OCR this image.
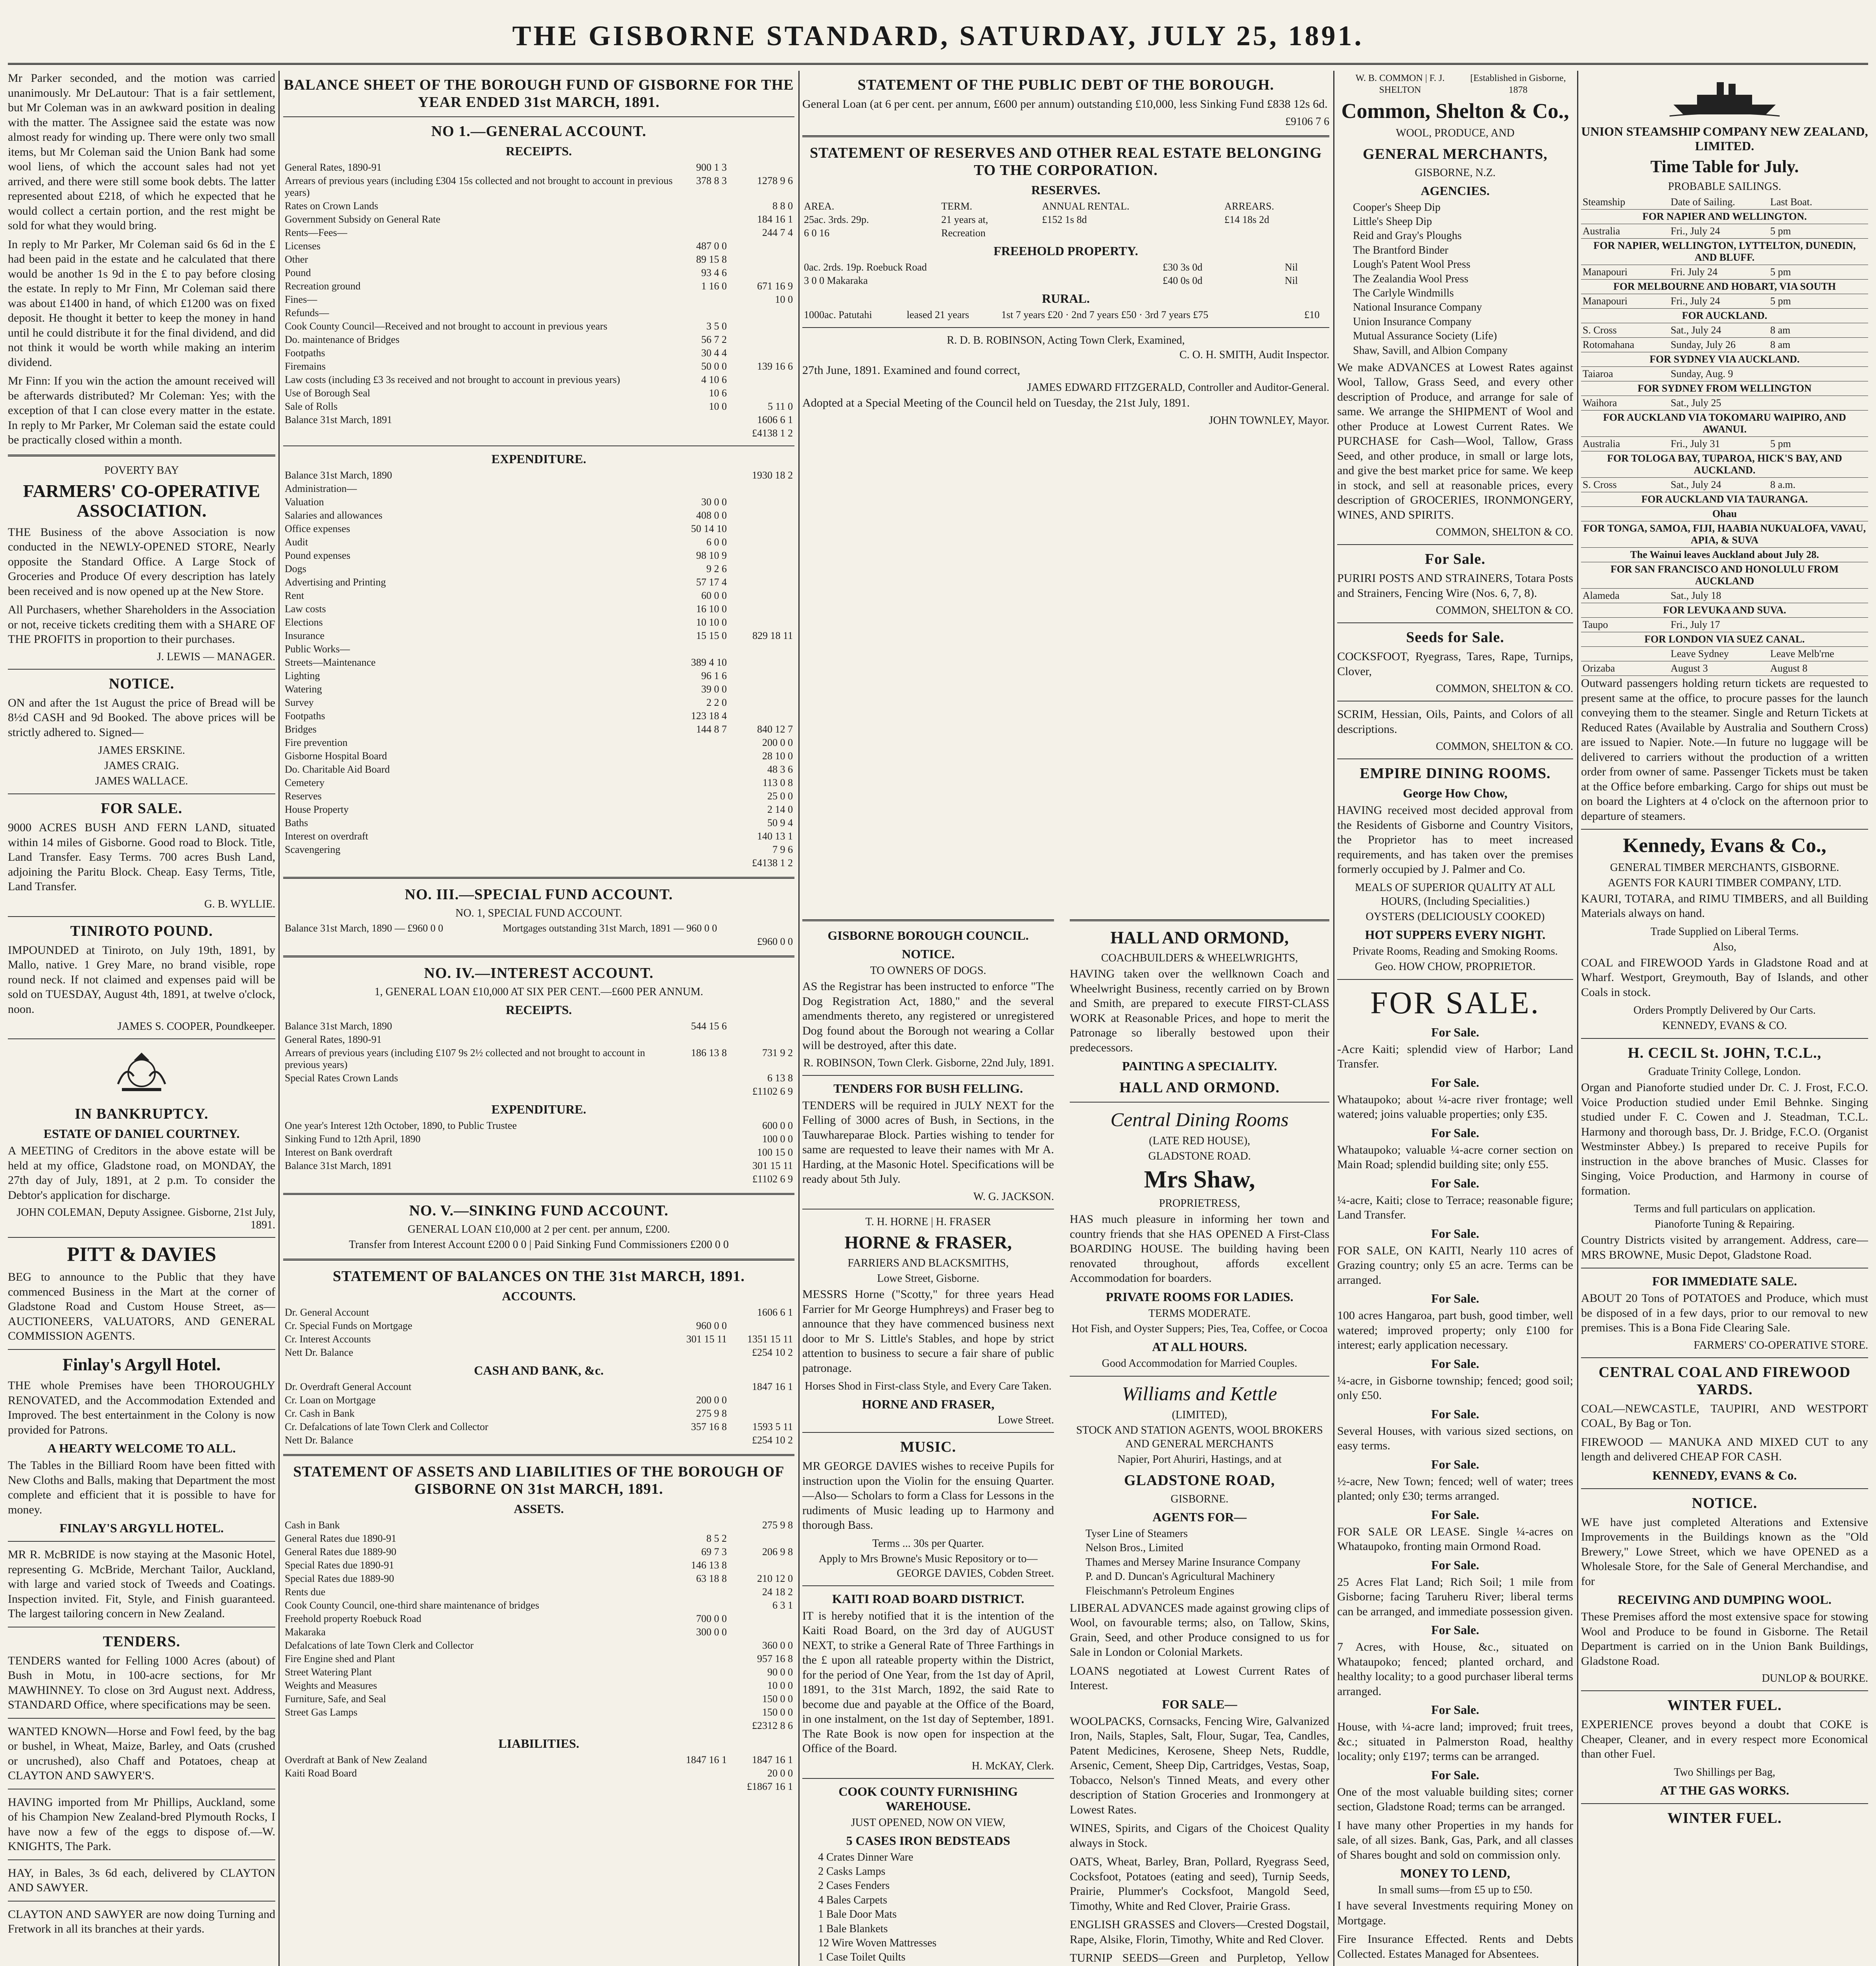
THE GISBORNE STANDARD, SATURDAY, JULY 25, 1891.

Mr Parker seconded, and the motion was carried unanimously. Mr DeLautour: That is a fair settlement, but Mr Coleman was in an awkward position in dealing with the matter. The Assignee said the estate was now almost ready for winding up. There were only two small items, but Mr Coleman said the Union Bank had some wool liens, of which the account sales had not yet arrived, and there were still some book debts. The latter represented about £218, of which he expected that he would collect a certain portion, and the rest might be sold for what they would bring.

In reply to Mr Parker, Mr Coleman said 6s 6d in the £ had been paid in the estate and he calculated that there would be another 1s 9d in the £ to pay before closing the estate. In reply to Mr Finn, Mr Coleman said there was about £1400 in hand, of which £1200 was on fixed deposit. He thought it better to keep the money in hand until he could distribute it for the final dividend, and did not think it would be worth while making an interim dividend.

Mr Finn: If you win the action the amount received will be afterwards distributed? Mr Coleman: Yes; with the exception of that I can close every matter in the estate. In reply to Mr Parker, Mr Coleman said the estate could be practically closed within a month.

POVERTY BAY
FARMERS' CO-OPERATIVE ASSOCIATION.

THE Business of the above Association is now conducted in the NEWLY-OPENED STORE, Nearly opposite the Standard Office. A Large Stock of Groceries and Produce Of every description has lately been received and is now opened up at the New Store.

All Purchasers, whether Shareholders in the Association or not, receive tickets crediting them with a SHARE OF THE PROFITS in proportion to their purchases.

J. LEWIS — MANAGER.
NOTICE.

ON and after the 1st August the price of Bread will be 8½d CASH and 9d Booked. The above prices will be strictly adhered to. Signed—

JAMES ERSKINE.
JAMES CRAIG.
JAMES WALLACE.
FOR SALE.

9000 ACRES BUSH AND FERN LAND, situated within 14 miles of Gisborne. Good road to Block. Title, Land Transfer. Easy Terms. 700 acres Bush Land, adjoining the Paritu Block. Cheap. Easy Terms, Title, Land Transfer.

G. B. WYLLIE.
TINIROTO POUND.

IMPOUNDED at Tiniroto, on July 19th, 1891, by Mallo, native. 1 Grey Mare, no brand visible, rope round neck. If not claimed and expenses paid will be sold on TUESDAY, August 4th, 1891, at twelve o'clock, noon.

JAMES S. COOPER, Poundkeeper.
IN BANKRUPTCY.
ESTATE OF DANIEL COURTNEY.

A MEETING of Creditors in the above estate will be held at my office, Gladstone road, on MONDAY, the 27th day of July, 1891, at 2 p.m. To consider the Debtor's application for discharge.

JOHN COLEMAN, Deputy Assignee. Gisborne, 21st July, 1891.
PITT & DAVIES

BEG to announce to the Public that they have commenced Business in the Mart at the corner of Gladstone Road and Custom House Street, as— AUCTIONEERS, VALUATORS, AND GENERAL COMMISSION AGENTS.

Finlay's Argyll Hotel.

THE whole Premises have been THOROUGHLY RENOVATED, and the Accommodation Extended and Improved. The best entertainment in the Colony is now provided for Patrons.

A HEARTY WELCOME TO ALL.

The Tables in the Billiard Room have been fitted with New Cloths and Balls, making that Department the most complete and efficient that it is possible to have for money.

FINLAY'S ARGYLL HOTEL.

MR R. McBRIDE is now staying at the Masonic Hotel, representing G. McBride, Merchant Tailor, Auckland, with large and varied stock of Tweeds and Coatings. Inspection invited. Fit, Style, and Finish guaranteed. The largest tailoring concern in New Zealand.

TENDERS.

TENDERS wanted for Felling 1000 Acres (about) of Bush in Motu, in 100-acre sections, for Mr MAWHINNEY. To close on 3rd August next. Address, STANDARD Office, where specifications may be seen.

WANTED KNOWN—Horse and Fowl feed, by the bag or bushel, in Wheat, Maize, Barley, and Oats (crushed or uncrushed), also Chaff and Potatoes, cheap at CLAYTON AND SAWYER'S.

HAVING imported from Mr Phillips, Auckland, some of his Champion New Zealand-bred Plymouth Rocks, I have now a few of the eggs to dispose of.—W. KNIGHTS, The Park.

HAY, in Bales, 3s 6d each, delivered by CLAYTON AND SAWYER.

CLAYTON AND SAWYER are now doing Turning and Fretwork in all its branches at their yards.

BALANCE SHEET OF THE BOROUGH FUND OF GISBORNE FOR THE YEAR ENDED 31st MARCH, 1891.
NO 1.—GENERAL ACCOUNT.
RECEIPTS.
General Rates, 1890-91	900 1 3	
Arrears of previous years (including £304 15s collected and not brought to account in previous years)	378 8 3	1278 9 6
Rates on Crown Lands		8 8 0
Government Subsidy on General Rate		184 16 1
Rents—Fees—		244 7 4
Licenses	487 0 0	
Other	89 15 8	
Pound	93 4 6	
Recreation ground	1 16 0	671 16 9
Fines—		10 0
Refunds—		
Cook County Council—Received and not brought to account in previous years	3 5 0	
Do. maintenance of Bridges	56 7 2	
Footpaths	30 4 4	
Firemains	50 0 0	139 16 6
Law costs (including £3 3s received and not brought to account in previous years)	4 10 6	
Use of Borough Seal	10 6	
Sale of Rolls	10 0	5 11 0
Balance 31st March, 1891		1606 6 1
		£4138 1 2
EXPENDITURE.
Balance 31st March, 1890		1930 18 2
Administration—		
Valuation	30 0 0	
Salaries and allowances	408 0 0	
Office expenses	50 14 10	
Audit	6 0 0	
Pound expenses	98 10 9	
Dogs	9 2 6	
Advertising and Printing	57 17 4	
Rent	60 0 0	
Law costs	16 10 0	
Elections	10 10 0	
Insurance	15 15 0	829 18 11
Public Works—		
Streets—Maintenance	389 4 10	
Lighting	96 1 6	
Watering	39 0 0	
Survey	2 2 0	
Footpaths	123 18 4	
Bridges	144 8 7	840 12 7
Fire prevention		200 0 0
Gisborne Hospital Board		28 10 0
Do. Charitable Aid Board		48 3 6
Cemetery		113 0 8
Reserves		25 0 0
House Property		2 14 0
Baths		50 9 4
Interest on overdraft		140 13 1
Scavengering		7 9 6
		£4138 1 2
NO. III.—SPECIAL FUND ACCOUNT.
NO. 1, SPECIAL FUND ACCOUNT.
Balance 31st March, 1890 — £960 0 0	Mortgages outstanding 31st March, 1891 — 960 0 0
£960 0 0
NO. IV.—INTEREST ACCOUNT.
1, GENERAL LOAN £10,000 AT SIX PER CENT.—£600 PER ANNUM.
RECEIPTS.
Balance 31st March, 1890	544 15 6	
General Rates, 1890-91		
Arrears of previous years (including £107 9s 2½ collected and not brought to account in previous years)	186 13 8	731 9 2
Special Rates Crown Lands		6 13 8
		£1102 6 9
EXPENDITURE.
One year's Interest 12th October, 1890, to Public Trustee		600 0 0
Sinking Fund to 12th April, 1890		100 0 0
Interest on Bank overdraft		100 15 0
Balance 31st March, 1891		301 15 11
		£1102 6 9
NO. V.—SINKING FUND ACCOUNT.
GENERAL LOAN £10,000 at 2 per cent. per annum, £200.
Transfer from Interest Account £200 0 0 | Paid Sinking Fund Commissioners £200 0 0
STATEMENT OF BALANCES ON THE 31st MARCH, 1891.
ACCOUNTS.
Dr. General Account		1606 6 1
Cr. Special Funds on Mortgage	960 0 0	
Cr. Interest Accounts	301 15 11	1351 15 11
Nett Dr. Balance		£254 10 2
CASH AND BANK, &c.
Dr. Overdraft General Account		1847 16 1
Cr. Loan on Mortgage	200 0 0	
Cr. Cash in Bank	275 9 8	
Cr. Defalcations of late Town Clerk and Collector	357 16 8	1593 5 11
Nett Dr. Balance		£254 10 2
STATEMENT OF ASSETS AND LIABILITIES OF THE BOROUGH OF GISBORNE ON 31st MARCH, 1891.
ASSETS.
Cash in Bank		275 9 8
General Rates due 1890-91	8 5 2	
General Rates due 1889-90	69 7 3	206 9 8
Special Rates due 1890-91	146 13 8	
Special Rates due 1889-90	63 18 8	210 12 0
Rents due		24 18 2
Cook County Council, one-third share maintenance of bridges		6 3 1
Freehold property Roebuck Road	700 0 0	
Makaraka	300 0 0	
Defalcations of late Town Clerk and Collector		360 0 0
Fire Engine shed and Plant		957 16 8
Street Watering Plant		90 0 0
Weights and Measures		10 0 0
Furniture, Safe, and Seal		150 0 0
Street Gas Lamps		150 0 0
		£2312 8 6
LIABILITIES.
Overdraft at Bank of New Zealand	1847 16 1	1847 16 1
Kaiti Road Board		20 0 0
		£1867 16 1
STATEMENT OF THE PUBLIC DEBT OF THE BOROUGH.

General Loan (at 6 per cent. per annum, £600 per annum) outstanding £10,000, less Sinking Fund £838 12s 6d.

£9106 7 6
STATEMENT OF RESERVES AND OTHER REAL ESTATE BELONGING TO THE CORPORATION.
RESERVES.
AREA.	TERM.	ANNUAL RENTAL.	ARREARS.
25ac. 3rds. 29p.	21 years at,	£152 1s 8d	£14 18s 2d
6 0 16	Recreation		
FREEHOLD PROPERTY.
0ac. 2rds. 19p. Roebuck Road	£30 3s 0d	Nil
3 0 0 Makaraka	£40 0s 0d	Nil
RURAL.
1000ac. Patutahi	leased 21 years	1st 7 years £20 · 2nd 7 years £50 · 3rd 7 years £75	£10
R. D. B. ROBINSON, Acting Town Clerk, Examined,
C. O. H. SMITH, Audit Inspector.
27th June, 1891. Examined and found correct,
JAMES EDWARD FITZGERALD, Controller and Auditor-General.
Adopted at a Special Meeting of the Council held on Tuesday, the 21st July, 1891.
JOHN TOWNLEY, Mayor.
GISBORNE BOROUGH COUNCIL.
NOTICE.
TO OWNERS OF DOGS.

AS the Registrar has been instructed to enforce "The Dog Registration Act, 1880," and the several amendments thereto, any registered or unregistered Dog found about the Borough not wearing a Collar will be destroyed, after this date.

R. ROBINSON, Town Clerk. Gisborne, 22nd July, 1891.
TENDERS FOR BUSH FELLING.

TENDERS will be required in JULY NEXT for the Felling of 3000 acres of Bush, in Sections, in the Tauwhareparae Block. Parties wishing to tender for same are requested to leave their names with Mr A. Harding, at the Masonic Hotel. Specifications will be ready about 5th July.

W. G. JACKSON.
T. H. HORNE | H. FRASER
HORNE & FRASER,
FARRIERS AND BLACKSMITHS,
Lowe Street, Gisborne.

MESSRS Horne ("Scotty," for three years Head Farrier for Mr George Humphreys) and Fraser beg to announce that they have commenced business next door to Mr S. Little's Stables, and hope by strict attention to business to secure a fair share of public patronage.

Horses Shod in First-class Style, and Every Care Taken.
HORNE AND FRASER,
Lowe Street.
MUSIC.

MR GEORGE DAVIES wishes to receive Pupils for instruction upon the Violin for the ensuing Quarter. —Also— Scholars to form a Class for Lessons in the rudiments of Music leading up to Harmony and thorough Bass.

Terms ... 30s per Quarter.
Apply to Mrs Browne's Music Repository or to—
GEORGE DAVIES, Cobden Street.
KAITI ROAD BOARD DISTRICT.

IT is hereby notified that it is the intention of the Kaiti Road Board, on the 3rd day of AUGUST NEXT, to strike a General Rate of Three Farthings in the £ upon all rateable property within the District, for the period of One Year, from the 1st day of April, 1891, to the 31st March, 1892, the said Rate to become due and payable at the Office of the Board, in one instalment, on the 1st day of September, 1891. The Rate Book is now open for inspection at the Office of the Board.

H. McKAY, Clerk.
COOK COUNTY FURNISHING WAREHOUSE.
JUST OPENED, NOW ON VIEW,
5 CASES IRON BEDSTEADS
4 Crates Dinner Ware
2 Casks Lamps
2 Cases Fenders
4 Bales Carpets
1 Bale Door Mats
1 Bale Blankets
12 Wire Woven Mattresses
1 Case Toilet Quilts

HALL AND ORMOND,
COACHBUILDERS & WHEELWRIGHTS,

HAVING taken over the wellknown Coach and Wheelwright Business, recently carried on by Brown and Smith, are prepared to execute FIRST-CLASS WORK at Reasonable Prices, and hope to merit the Patronage so liberally bestowed upon their predecessors.

PAINTING A SPECIALITY.
HALL AND ORMOND.
Central Dining Rooms
(LATE RED HOUSE),
GLADSTONE ROAD.
Mrs Shaw,
PROPRIETRESS,

HAS much pleasure in informing her town and country friends that she HAS OPENED A First-Class BOARDING HOUSE. The building having been renovated throughout, affords excellent Accommodation for boarders.

PRIVATE ROOMS FOR LADIES.
TERMS MODERATE.
Hot Fish, and Oyster Suppers; Pies, Tea, Coffee, or Cocoa
AT ALL HOURS.
Good Accommodation for Married Couples.
Williams and Kettle
(LIMITED),
STOCK AND STATION AGENTS, WOOL BROKERS AND GENERAL MERCHANTS
Napier, Port Ahuriri, Hastings, and at
GLADSTONE ROAD,
GISBORNE.
AGENTS FOR—
Tyser Line of Steamers
Nelson Bros., Limited
Thames and Mersey Marine Insurance Company
P. and D. Duncan's Agricultural Machinery
Fleischmann's Petroleum Engines

LIBERAL ADVANCES made against growing clips of Wool, on favourable terms; also, on Tallow, Skins, Grain, Seed, and other Produce consigned to us for Sale in London or Colonial Markets.

LOANS negotiated at Lowest Current Rates of Interest.

FOR SALE—

WOOLPACKS, Cornsacks, Fencing Wire, Galvanized Iron, Nails, Staples, Salt, Flour, Sugar, Tea, Candles, Patent Medicines, Kerosene, Sheep Nets, Ruddle, Arsenic, Cement, Sheep Dip, Cartridges, Vestas, Soap, Tobacco, Nelson's Tinned Meats, and every other description of Station Groceries and Ironmongery at Lowest Rates.

WINES, Spirits, and Cigars of the Choicest Quality always in Stock.

OATS, Wheat, Barley, Bran, Pollard, Ryegrass Seed, Cocksfoot, Potatoes (eating and seed), Turnip Seeds, Prairie, Plummer's Cocksfoot, Mangold Seed, Timothy, White and Red Clover, Prairie Grass.

ENGLISH GRASSES and Clovers—Crested Dogstail, Rape, Alsike, Florin, Timothy, White and Red Clover.

TURNIP SEEDS—Green and Purpletop, Yellow

W. B. COMMON | F. J. SHELTON
[Established in Gisborne, 1878
Common, Shelton & Co.,
WOOL, PRODUCE, AND
GENERAL MERCHANTS,
GISBORNE, N.Z.
AGENCIES.
Cooper's Sheep Dip
Little's Sheep Dip
Reid and Gray's Ploughs
The Brantford Binder
Lough's Patent Wool Press
The Zealandia Wool Press
The Carlyle Windmills
National Insurance Company
Union Insurance Company
Mutual Assurance Society (Life)
Shaw, Savill, and Albion Company

We make ADVANCES at Lowest Rates against Wool, Tallow, Grass Seed, and every other description of Produce, and arrange for sale of same. We arrange the SHIPMENT of Wool and other Produce at Lowest Current Rates. We PURCHASE for Cash—Wool, Tallow, Grass Seed, and other produce, in small or large lots, and give the best market price for same. We keep in stock, and sell at reasonable prices, every description of GROCERIES, IRONMONGERY, WINES, AND SPIRITS.

COMMON, SHELTON & CO.
For Sale.

PURIRI POSTS AND STRAINERS, Totara Posts and Strainers, Fencing Wire (Nos. 6, 7, 8).

COMMON, SHELTON & CO.
Seeds for Sale.

COCKSFOOT, Ryegrass, Tares, Rape, Turnips, Clover,

COMMON, SHELTON & CO.

SCRIM, Hessian, Oils, Paints, and Colors of all descriptions.

COMMON, SHELTON & CO.
EMPIRE DINING ROOMS.
George How Chow,

HAVING received most decided approval from the Residents of Gisborne and Country Visitors, the Proprietor has to meet increased requirements, and has taken over the premises formerly occupied by J. Palmer and Co.

MEALS OF SUPERIOR QUALITY AT ALL HOURS, (Including Specialities.)
OYSTERS (DELICIOUSLY COOKED)
HOT SUPPERS EVERY NIGHT.
Private Rooms, Reading and Smoking Rooms.
Geo. HOW CHOW, PROPRIETOR.
FOR SALE.
For Sale.

-Acre Kaiti; splendid view of Harbor; Land Transfer.

For Sale.

Whataupoko; about ¼-acre river frontage; well watered; joins valuable properties; only £35.

For Sale.

Whataupoko; valuable ¼-acre corner section on Main Road; splendid building site; only £55.

For Sale.

¼-acre, Kaiti; close to Terrace; reasonable figure; Land Transfer.

For Sale.

FOR SALE, ON KAITI, Nearly 110 acres of Grazing country; only £5 an acre. Terms can be arranged.

For Sale.

100 acres Hangaroa, part bush, good timber, well watered; improved property; only £100 for interest; early application necessary.

For Sale.

¼-acre, in Gisborne township; fenced; good soil; only £50.

For Sale.

Several Houses, with various sized sections, on easy terms.

For Sale.

½-acre, New Town; fenced; well of water; trees planted; only £30; terms arranged.

For Sale.

FOR SALE OR LEASE. Single ¼-acres on Whataupoko, fronting main Ormond Road.

For Sale.

25 Acres Flat Land; Rich Soil; 1 mile from Gisborne; facing Taruheru River; liberal terms can be arranged, and immediate possession given.

For Sale.

7 Acres, with House, &c., situated on Whataupoko; fenced; planted orchard, and healthy locality; to a good purchaser liberal terms arranged.

For Sale.

House, with ¼-acre land; improved; fruit trees, &c.; situated in Palmerston Road, healthy locality; only £197; terms can be arranged.

For Sale.

One of the most valuable building sites; corner section, Gladstone Road; terms can be arranged.

I have many other Properties in my hands for sale, of all sizes. Bank, Gas, Park, and all classes of Shares bought and sold on commission only.

MONEY TO LEND,
In small sums—from £5 up to £50.

I have several Investments requiring Money on Mortgage.

Fire Insurance Effected. Rents and Debts Collected. Estates Managed for Absentees.

UNION STEAMSHIP COMPANY NEW ZEALAND, LIMITED.
Time Table for July.
PROBABLE SAILINGS.
Steamship	Date of Sailing.	Last Boat.
FOR NAPIER AND WELLINGTON.		
Australia	Fri., July 24	5 pm
FOR NAPIER, WELLINGTON, LYTTELTON, DUNEDIN, AND BLUFF.		
Manapouri	Fri. July 24	5 pm
FOR MELBOURNE AND HOBART, VIA SOUTH		
Manapouri	Fri., July 24	5 pm
FOR AUCKLAND.		
S. Cross	Sat., July 24	8 am
Rotomahana	Sunday, July 26	8 am
FOR SYDNEY VIA AUCKLAND.		
Taiaroa	Sunday, Aug. 9	
FOR SYDNEY FROM WELLINGTON		
Waihora	Sat., July 25	
FOR AUCKLAND VIA TOKOMARU WAIPIRO, AND AWANUI.		
Australia	Fri., July 31	5 pm
FOR TOLOGA BAY, TUPAROA, HICK'S BAY, AND AUCKLAND.		
S. Cross	Sat., July 24	8 a.m.
FOR AUCKLAND VIA TAURANGA.		
Ohau		
FOR TONGA, SAMOA, FIJI, HAABIA NUKUALOFA, VAVAU, APIA, & SUVA		
The Wainui leaves Auckland about July 28.		
FOR SAN FRANCISCO AND HONOLULU FROM AUCKLAND		
Alameda	Sat., July 18	
FOR LEVUKA AND SUVA.		
Taupo	Fri., July 17	
FOR LONDON VIA SUEZ CANAL.		
	Leave Sydney	Leave Melb'rne
Orizaba	August 3	August 8

Outward passengers holding return tickets are requested to present same at the office, to procure passes for the launch conveying them to the steamer. Single and Return Tickets at Reduced Rates (Available by Australia and Southern Cross) are issued to Napier. Note.—In future no luggage will be delivered to carriers without the production of a written order from owner of same. Passenger Tickets must be taken at the Office before embarking. Cargo for ships out must be on board the Lighters at 4 o'clock on the afternoon prior to departure of steamers.

Kennedy, Evans & Co.,
GENERAL TIMBER MERCHANTS, GISBORNE.
AGENTS FOR KAURI TIMBER COMPANY, LTD.

KAURI, TOTARA, and RIMU TIMBERS, and all Building Materials always on hand.

Trade Supplied on Liberal Terms.
Also,

COAL and FIREWOOD Yards in Gladstone Road and at Wharf. Westport, Greymouth, Bay of Islands, and other Coals in stock.

Orders Promptly Delivered by Our Carts.
KENNEDY, EVANS & CO.
H. CECIL St. JOHN, T.C.L.,
Graduate Trinity College, London.

Organ and Pianoforte studied under Dr. C. J. Frost, F.C.O. Voice Production studied under Emil Behnke. Singing studied under F. C. Cowen and J. Steadman, T.C.L. Harmony and thorough bass, Dr. J. Bridge, F.C.O. (Organist Westminster Abbey.) Is prepared to receive Pupils for instruction in the above branches of Music. Classes for Singing, Voice Production, and Harmony in course of formation.

Terms and full particulars on application.
Pianoforte Tuning & Repairing.

Country Districts visited by arrangement. Address, care— MRS BROWNE, Music Depot, Gladstone Road.

FOR IMMEDIATE SALE.

ABOUT 20 Tons of POTATOES and Produce, which must be disposed of in a few days, prior to our removal to new premises. This is a Bona Fide Clearing Sale.

FARMERS' CO-OPERATIVE STORE.
CENTRAL COAL AND FIREWOOD YARDS.

COAL—NEWCASTLE, TAUPIRI, AND WESTPORT COAL, By Bag or Ton.

FIREWOOD — MANUKA AND MIXED CUT to any length and delivered CHEAP FOR CASH.

KENNEDY, EVANS & Co.
NOTICE.

WE have just completed Alterations and Extensive Improvements in the Buildings known as the "Old Brewery," Lowe Street, which we have OPENED as a Wholesale Store, for the Sale of General Merchandise, and for

RECEIVING AND DUMPING WOOL.

These Premises afford the most extensive space for stowing Wool and Produce to be found in Gisborne. The Retail Department is carried on in the Union Bank Buildings, Gladstone Road.

DUNLOP & BOURKE.
WINTER FUEL.

EXPERIENCE proves beyond a doubt that COKE is Cheaper, Cleaner, and in every respect more Economical than other Fuel.

Two Shillings per Bag,
AT THE GAS WORKS.
WINTER FUEL.
